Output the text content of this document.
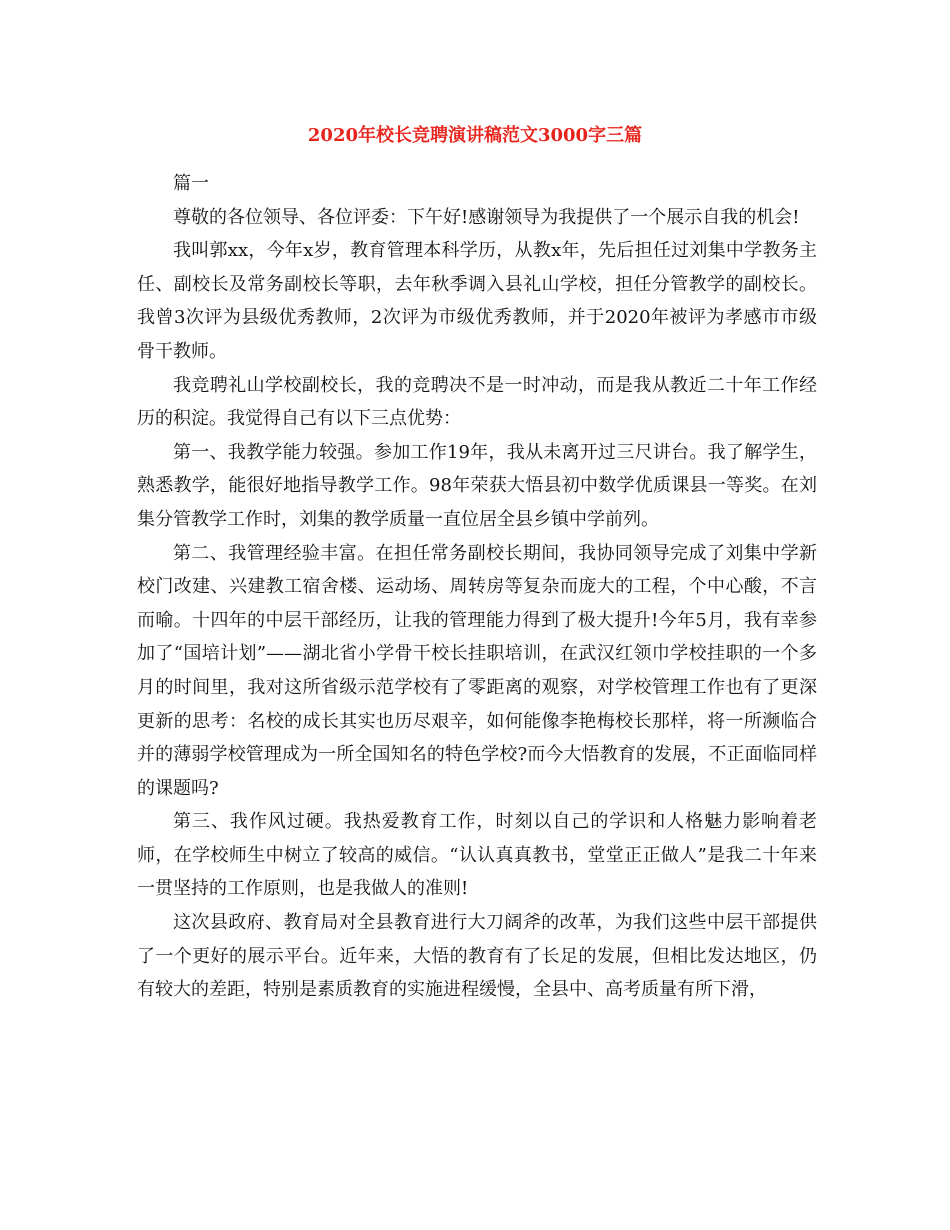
2020年校长竞聘演讲稿范文3000字三篇

篇一

尊敬的各位领导、各位评委：下午好!感谢领导为我提供了一个展示自我的机会!

我叫郭xx，今年x岁，教育管理本科学历，从教x年，先后担任过刘集中学教务主任、副校长及常务副校长等职，去年秋季调入县礼山学校，担任分管教学的副校长。我曾3次评为县级优秀教师，2次评为市级优秀教师，并于2020年被评为孝感市市级骨干教师。

我竞聘礼山学校副校长，我的竞聘决不是一时冲动，而是我从教近二十年工作经历的积淀。我觉得自己有以下三点优势：

第一、我教学能力较强。参加工作19年，我从未离开过三尺讲台。我了解学生，熟悉教学，能很好地指导教学工作。98年荣获大悟县初中数学优质课县一等奖。在刘集分管教学工作时，刘集的教学质量一直位居全县乡镇中学前列。

第二、我管理经验丰富。在担任常务副校长期间，我协同领导完成了刘集中学新校门改建、兴建教工宿舍楼、运动场、周转房等复杂而庞大的工程，个中心酸，不言而喻。十四年的中层干部经历，让我的管理能力得到了极大提升!今年5月，我有幸参加了“国培计划”——湖北省小学骨干校长挂职培训，在武汉红领巾学校挂职的一个多月的时间里，我对这所省级示范学校有了零距离的观察，对学校管理工作也有了更深更新的思考：名校的成长其实也历尽艰辛，如何能像李艳梅校长那样，将一所濒临合并的薄弱学校管理成为一所全国知名的特色学校?而今大悟教育的发展，不正面临同样的课题吗?

第三、我作风过硬。我热爱教育工作，时刻以自己的学识和人格魅力影响着老师，在学校师生中树立了较高的威信。“认认真真教书，堂堂正正做人”是我二十年来一贯坚持的工作原则，也是我做人的准则!

这次县政府、教育局对全县教育进行大刀阔斧的改革，为我们这些中层干部提供了一个更好的展示平台。近年来，大悟的教育有了长足的发展，但相比发达地区，仍有较大的差距，特别是素质教育的实施进程缓慢，全县中、高考质量有所下滑，
